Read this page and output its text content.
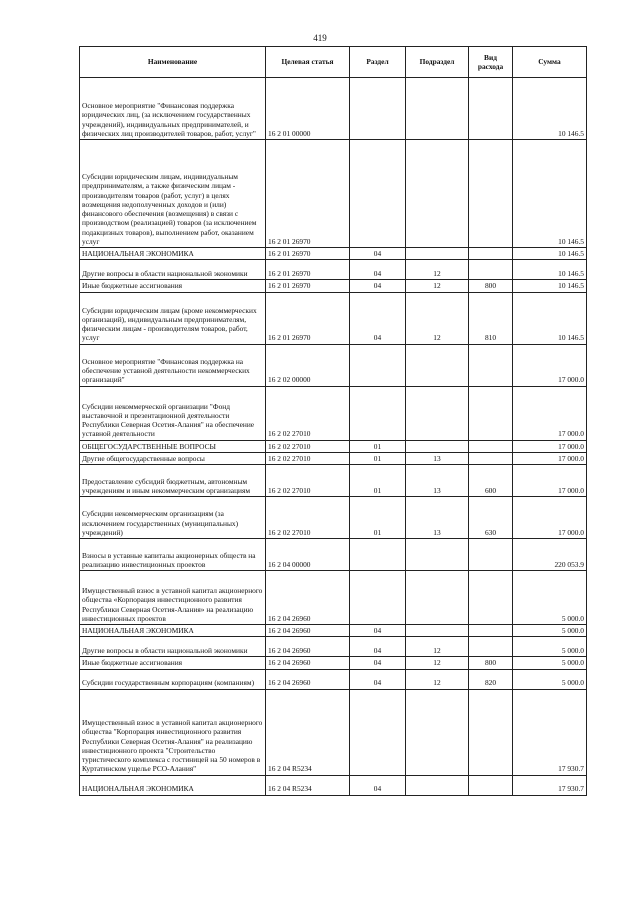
419
Наименование	Целевая статья	Раздел	Подраздел	Вид расхода	Сумма
Основное мероприятие "Финансовая поддержка юридических лиц, (за исключением государственных учреждений), индивидуальных предпринимателей, и физических лиц производителей товаров, работ, услуг"	16 2 01 00000				10 146.5
Субсидии юридическим лицам, индивидуальным предпринимателям, а также физическим лицам - производителям товаров (работ, услуг) в целях возмещения недополученных доходов и (или) финансового обеспечения (возмещения) в связи с производством (реализацией) товаров (за исключением подакцизных товаров), выполнением работ, оказанием услуг	16 2 01 26970				10 146.5
НАЦИОНАЛЬНАЯ ЭКОНОМИКА	16 2 01 26970	04			10 146.5
Другие вопросы в области национальной экономики	16 2 01 26970	04	12		10 146.5
Иные бюджетные ассигнования	16 2 01 26970	04	12	800	10 146.5
Субсидии юридическим лицам (кроме некоммерческих организаций), индивидуальным предпринимателям, физическим лицам - производителям товаров, работ, услуг	16 2 01 26970	04	12	810	10 146.5
Основное мероприятие "Финансовая поддержка на обеспечение уставной деятельности некоммерческих организаций"	16 2 02 00000				17 000.0
Субсидии некоммерческой организации "Фонд выставочной и презентационной деятельности Республики Северная Осетия-Алания" на обеспечение уставной деятельности	16 2 02 27010				17 000.0
ОБЩЕГОСУДАРСТВЕННЫЕ ВОПРОСЫ	16 2 02 27010	01			17 000.0
Другие общегосударственные вопросы	16 2 02 27010	01	13		17 000.0
Предоставление субсидий бюджетным, автономным учреждениям и иным некоммерческим организациям	16 2 02 27010	01	13	600	17 000.0
Субсидии некоммерческим организациям (за исключением государственных (муниципальных) учреждений)	16 2 02 27010	01	13	630	17 000.0
Взносы в уставные капиталы акционерных обществ на реализацию инвестиционных проектов	16 2 04 00000				220 053.9
Имущественный взнос в уставной капитал акционерного общества «Корпорация инвестиционного развития Республики Северная Осетия-Алания» на реализацию инвестиционных проектов	16 2 04 26960				5 000.0
НАЦИОНАЛЬНАЯ ЭКОНОМИКА	16 2 04 26960	04			5 000.0
Другие вопросы в области национальной экономики	16 2 04 26960	04	12		5 000.0
Иные бюджетные ассигнования	16 2 04 26960	04	12	800	5 000.0
Субсидии государственным корпорациям (компаниям)	16 2 04 26960	04	12	820	5 000.0
Имущественный взнос в уставной капитал акционерного общества "Корпорация инвестиционного развития Республики Северная Осетия-Алания" на реализацию инвестиционного проекта "Строительство туристического комплекса с гостиницей на 50 номеров в Куртатинском ущелье РСО-Алания"	16 2 04 R5234				17 930.7
НАЦИОНАЛЬНАЯ ЭКОНОМИКА	16 2 04 R5234	04			17 930.7
